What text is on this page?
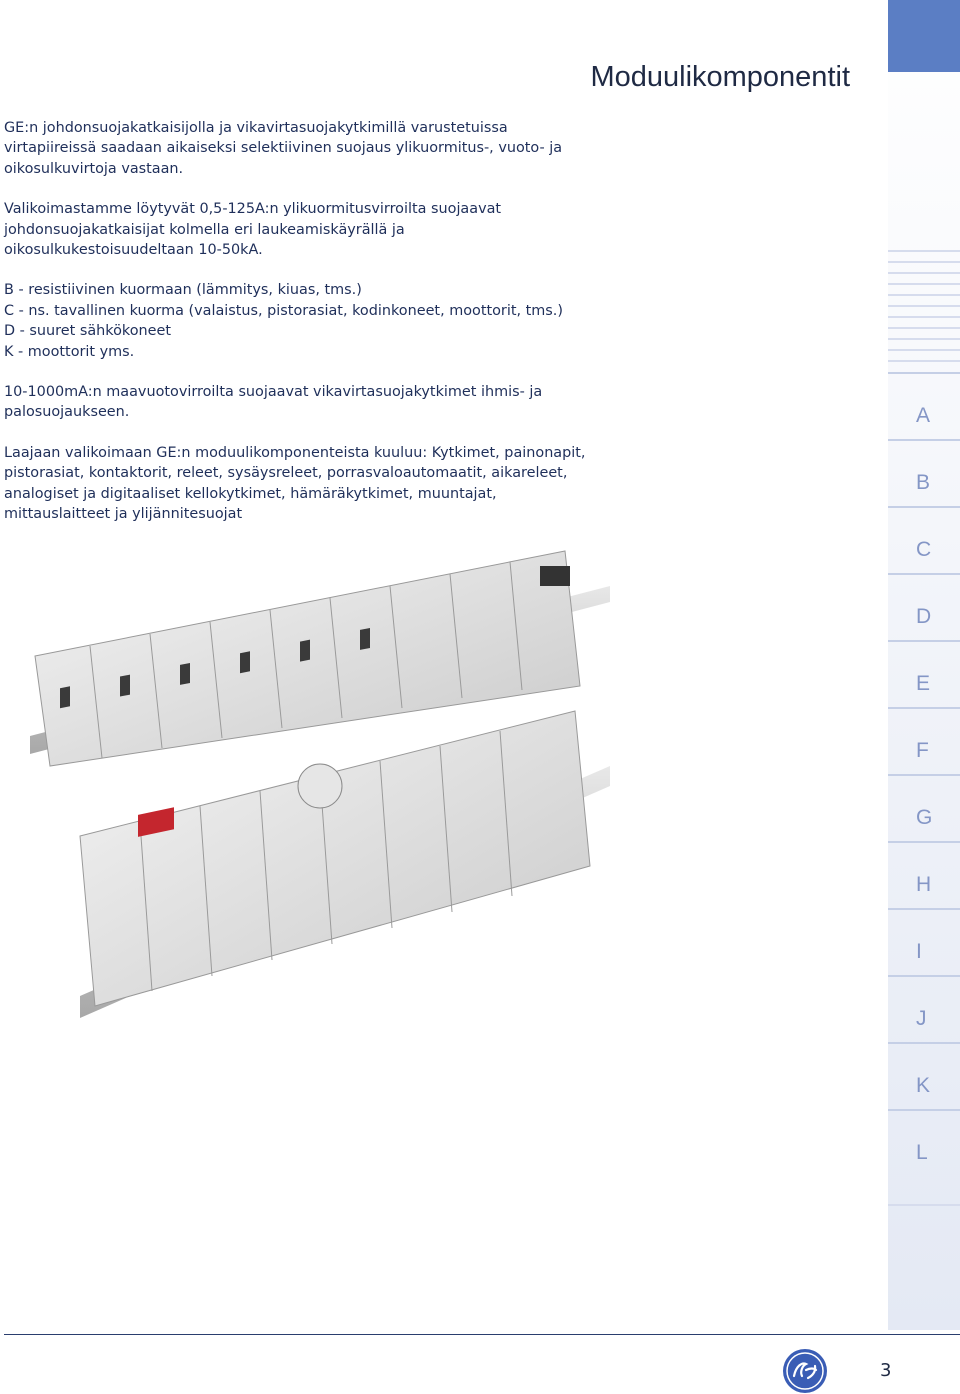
Moduulikomponentit

GE:n johdonsuojakatkaisijolla ja vikavirtasuojakytkimillä varustetuissa
virtapiireissä saadaan aikaiseksi selektiivinen suojaus ylikuormitus-, vuoto- ja
oikosulkuvirtoja vastaan.

Valikoimastamme löytyvät 0,5-125A:n ylikuormitusvirroilta suojaavat
johdonsuojakatkaisijat kolmella eri laukeamiskäyrällä ja
oikosulkukestoisuudeltaan 10-50kA.

B - resistiivinen kuormaan (lämmitys, kiuas, tms.)
C - ns. tavallinen kuorma (valaistus, pistorasiat, kodinkoneet, moottorit, tms.)
D - suuret sähkökoneet
K - moottorit yms.

10-1000mA:n maavuotovirroilta suojaavat vikavirtasuojakytkimet ihmis- ja
palosuojaukseen.

Laajaan valikoimaan GE:n moduulikomponenteista kuuluu: Kytkimet, painonapit,
pistorasiat, kontaktorit, releet, sysäysreleet, porrasvaloautomaatit, aikareleet,
analogiset ja digitaaliset kellokytkimet, hämäräkytkimet, muuntajat,
mittauslaitteet ja ylijännitesuojat

A
B
C
D
E
F
G
H
I
J
K
L
3
